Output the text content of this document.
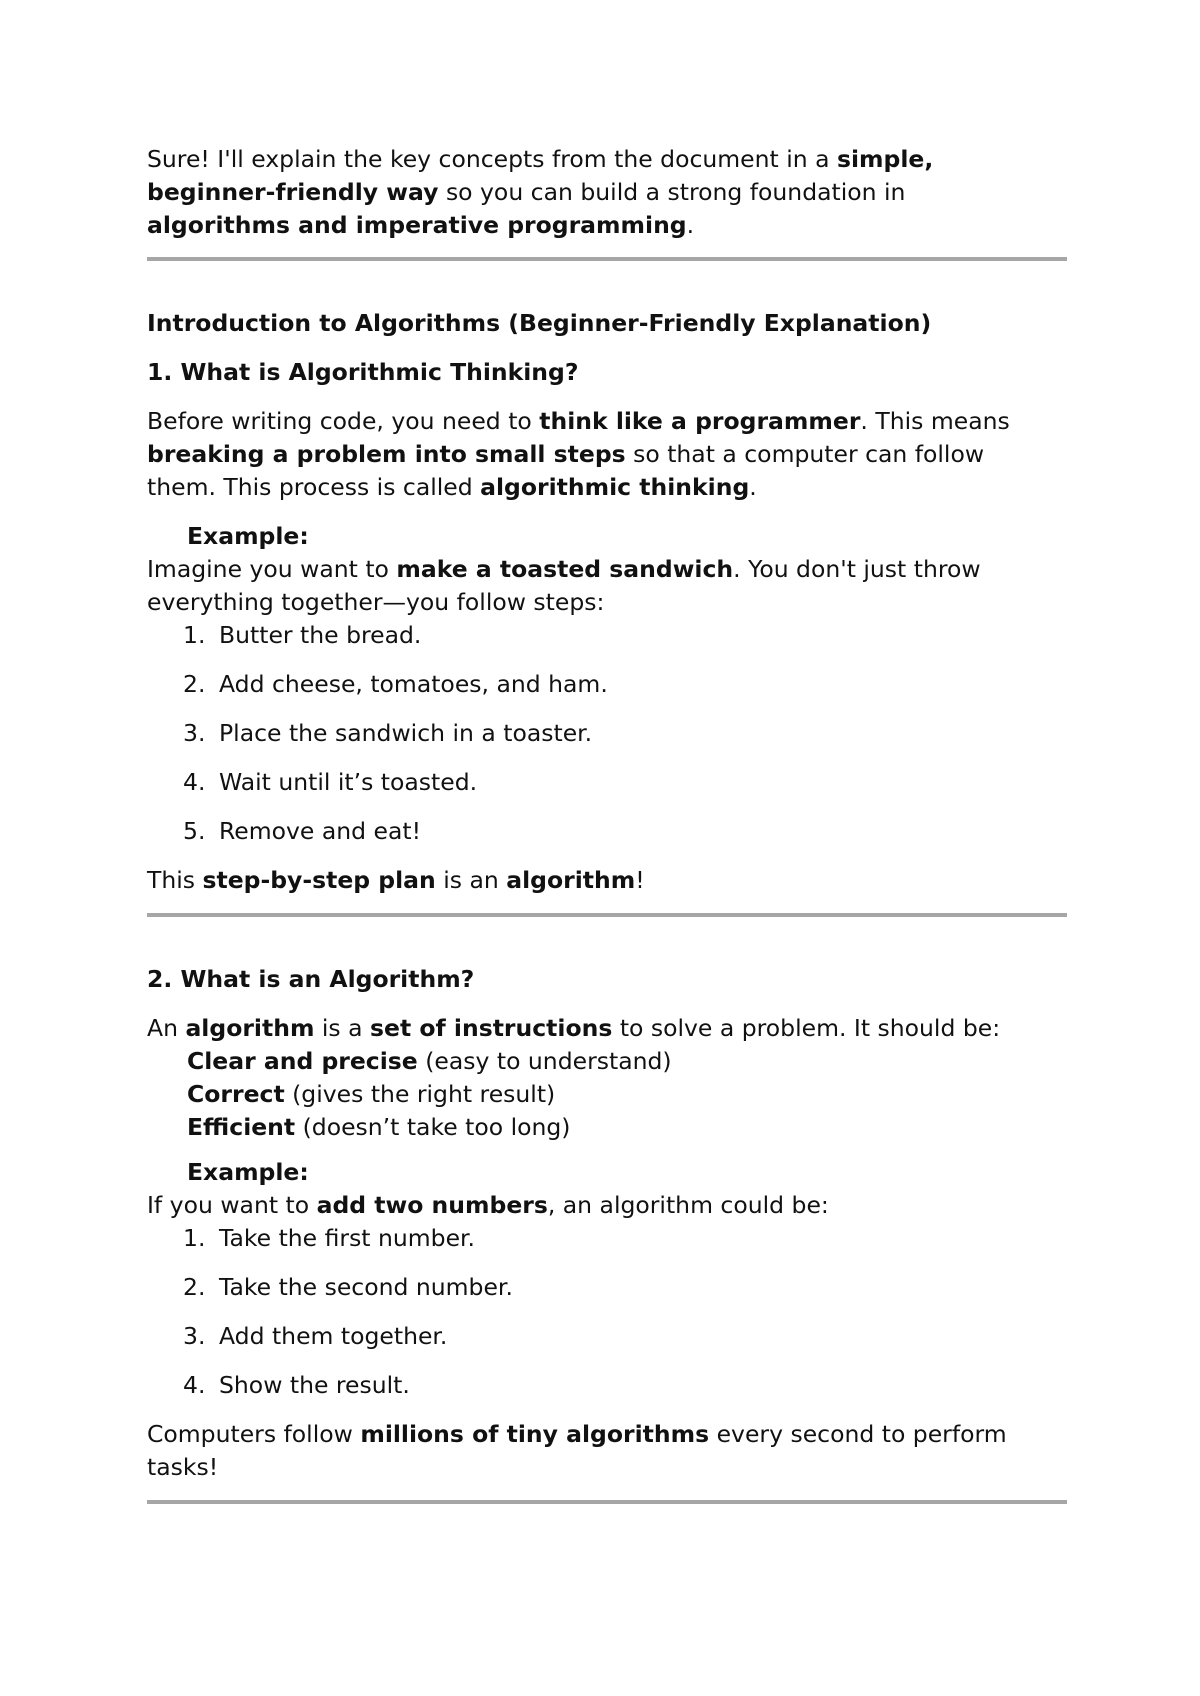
Sure! I'll explain the key concepts from the document in a simple,
beginner-friendly way so you can build a strong foundation in
algorithms and imperative programming.

Introduction to Algorithms (Beginner-Friendly Explanation)

1. What is Algorithmic Thinking?

Before writing code, you need to think like a programmer. This means
breaking a problem into small steps so that a computer can follow
them. This process is called algorithmic thinking.

Example:

Imagine you want to make a toasted sandwich. You don't just throw
everything together—you follow steps:

1. Butter the bread.
2. Add cheese, tomatoes, and ham.
3. Place the sandwich in a toaster.
4. Wait until it’s toasted.
5. Remove and eat!

This step-by-step plan is an algorithm!

2. What is an Algorithm?

An algorithm is a set of instructions to solve a problem. It should be:

Clear and precise (easy to understand)

Correct (gives the right result)

Efficient (doesn’t take too long)

Example:

If you want to add two numbers, an algorithm could be:

1. Take the first number.
2. Take the second number.
3. Add them together.
4. Show the result.

Computers follow millions of tiny algorithms every second to perform
tasks!
